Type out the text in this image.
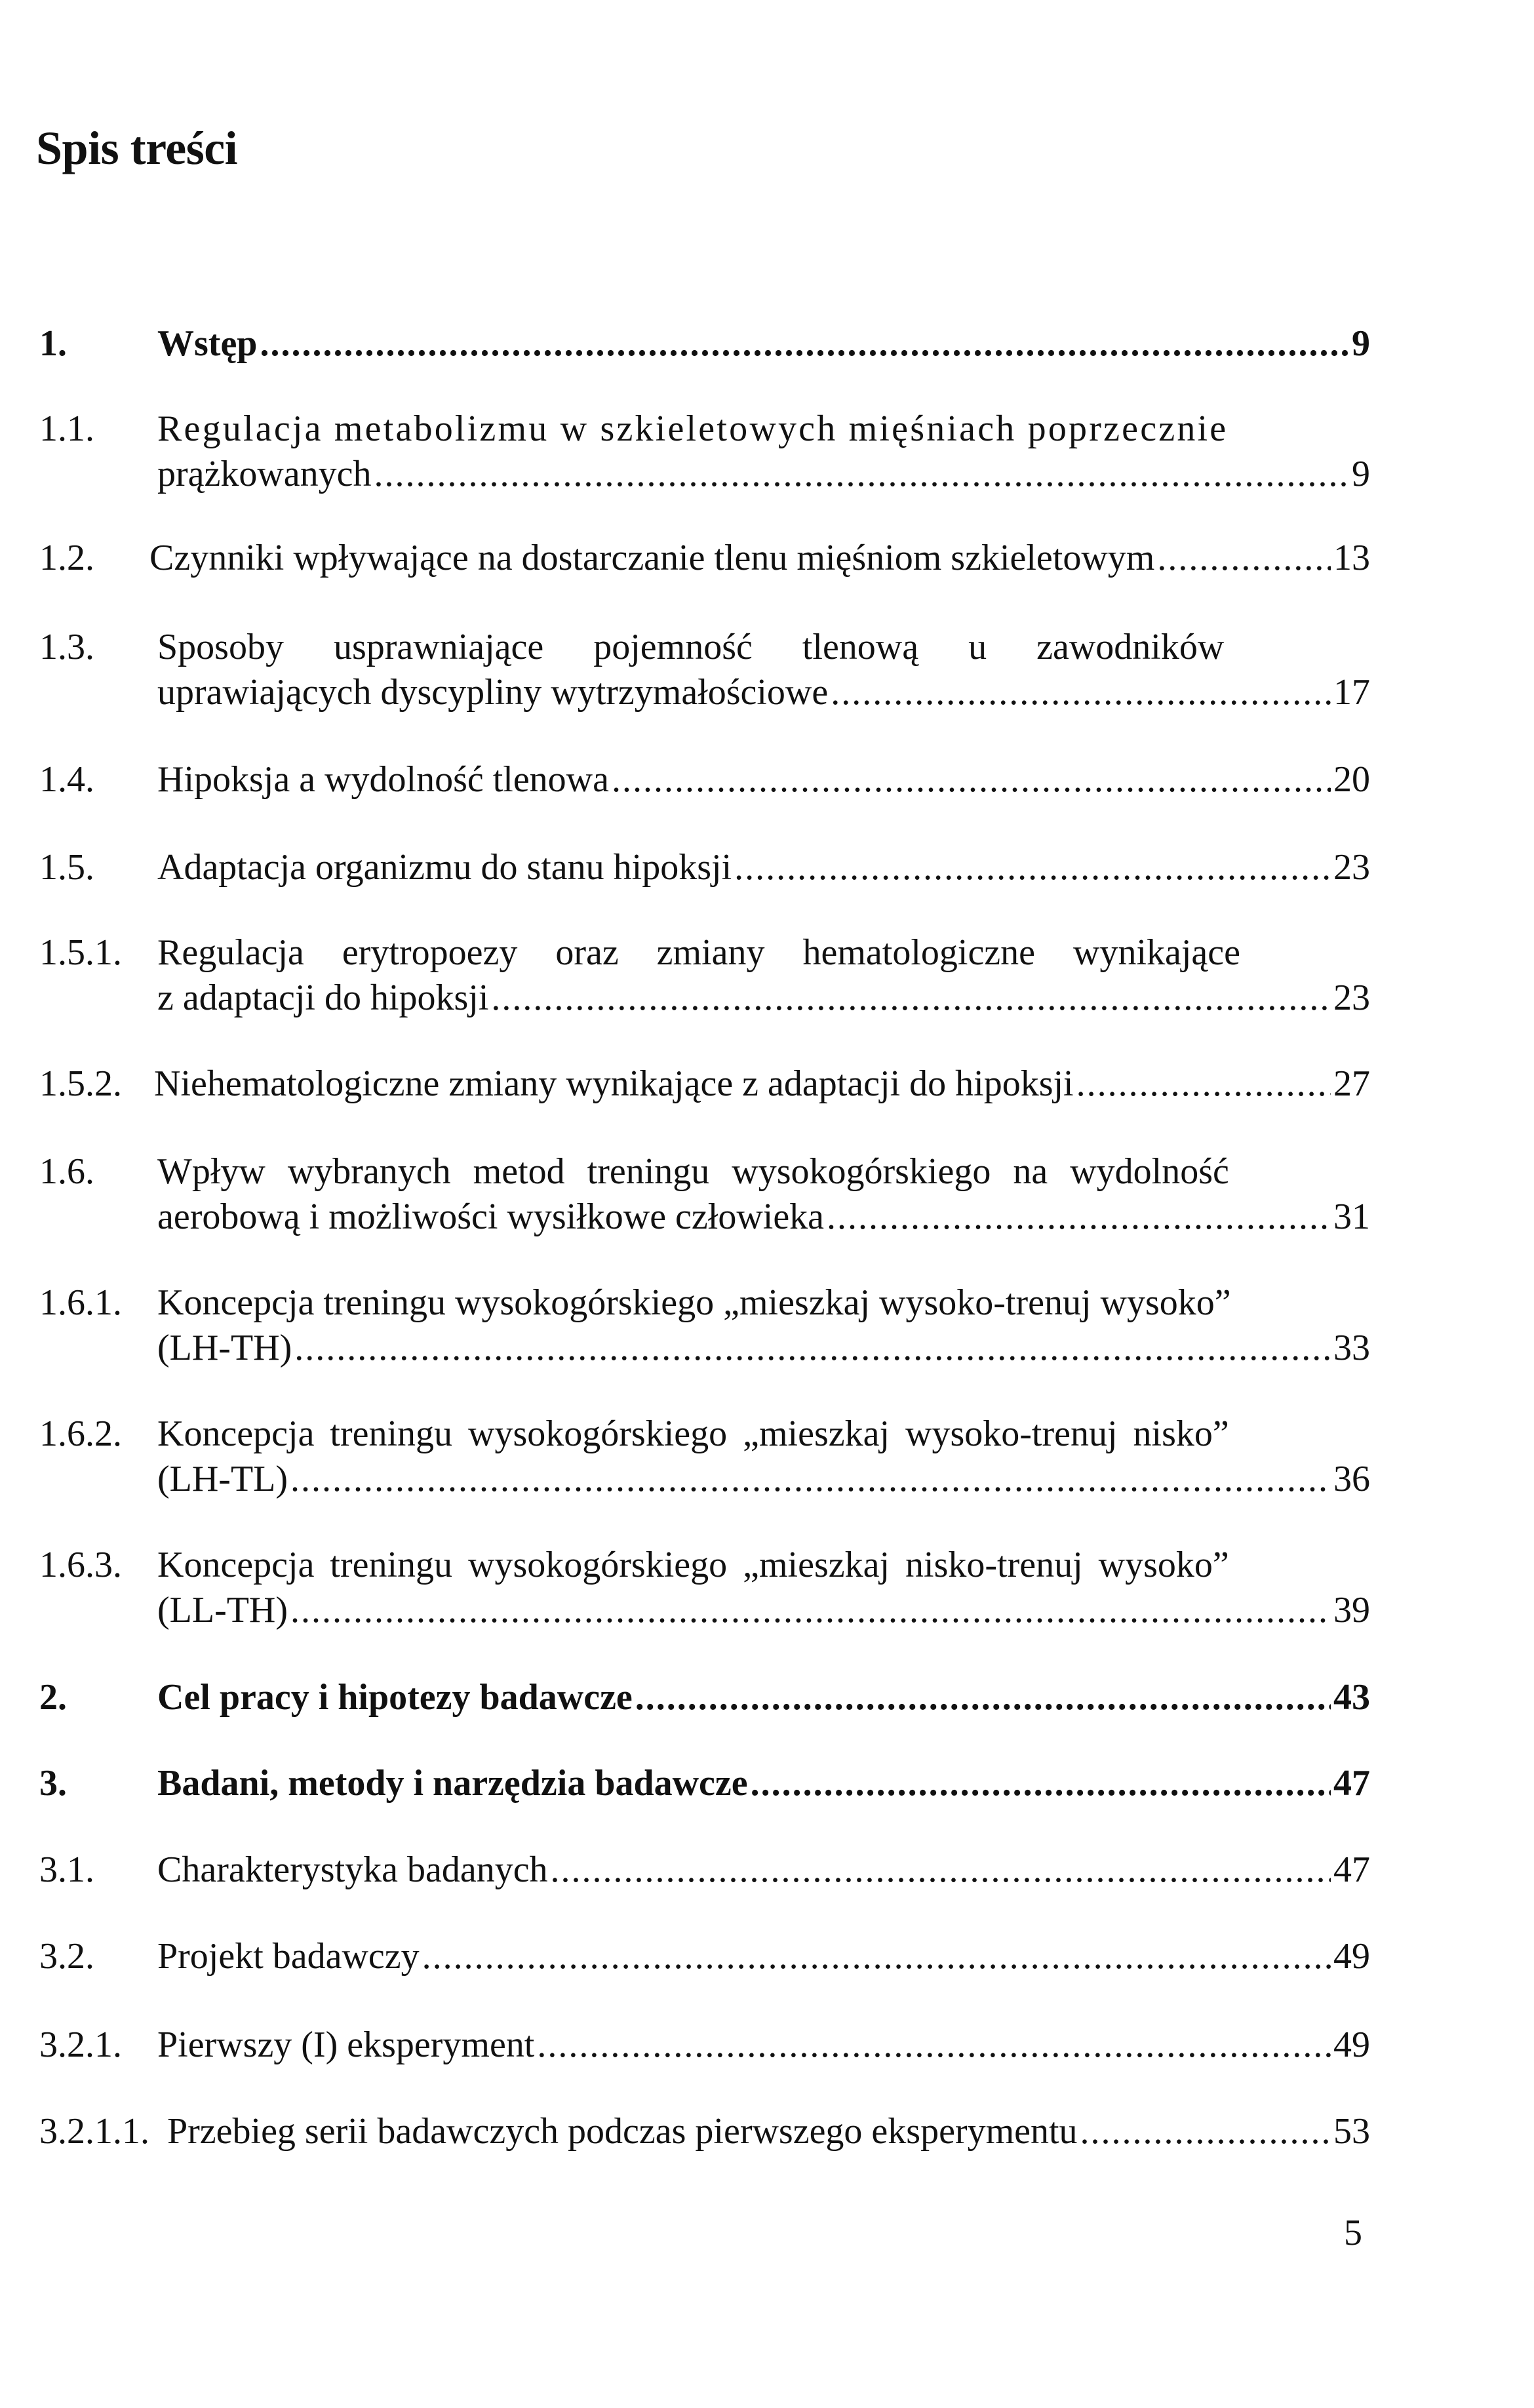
Spis treści
1.	Wstęp .....	9
1.1.	Regulacja metabolizmu w szkieletowych mięśniach poprzecznie
prążkowanych .....	9
1.2.	Czynniki wpływające na dostarczanie tlenu mięśniom szkieletowym .....	13
1.3.	Sposoby usprawniające pojemność tlenową u zawodników
uprawiających dyscypliny wytrzymałościowe .....	17
1.4.	Hipoksja a wydolność tlenowa .....	20
1.5.	Adaptacja organizmu do stanu hipoksji .....	23
1.5.1. Regulacja erytropoezy oraz zmiany hematologiczne wynikające
z adaptacji do hipoksji .....	23
1.5.2. Niehematologiczne zmiany wynikające z adaptacji do hipoksji .....	27
1.6.	Wpływ wybranych metod treningu wysokogórskiego na wydolność
aerobową i możliwości wysiłkowe człowieka .....	31
1.6.1. Koncepcja treningu wysokogórskiego „mieszkaj wysoko-trenuj wysoko”
(LH-TH) .....	33
1.6.2. Koncepcja treningu wysokogórskiego „mieszkaj wysoko-trenuj nisko”
(LH-TL) .....	36
1.6.3. Koncepcja treningu wysokogórskiego „mieszkaj nisko-trenuj wysoko”
(LL-TH) .....	39
2.	Cel pracy i hipotezy badawcze .....	43
3.	Badani, metody i narzędzia badawcze .....	47
3.1.	Charakterystyka badanych .....	47
3.2.	Projekt badawczy .....	49
3.2.1. Pierwszy (I) eksperyment .....	49
3.2.1.1. Przebieg serii badawczych podczas pierwszego eksperymentu .....	53
5
